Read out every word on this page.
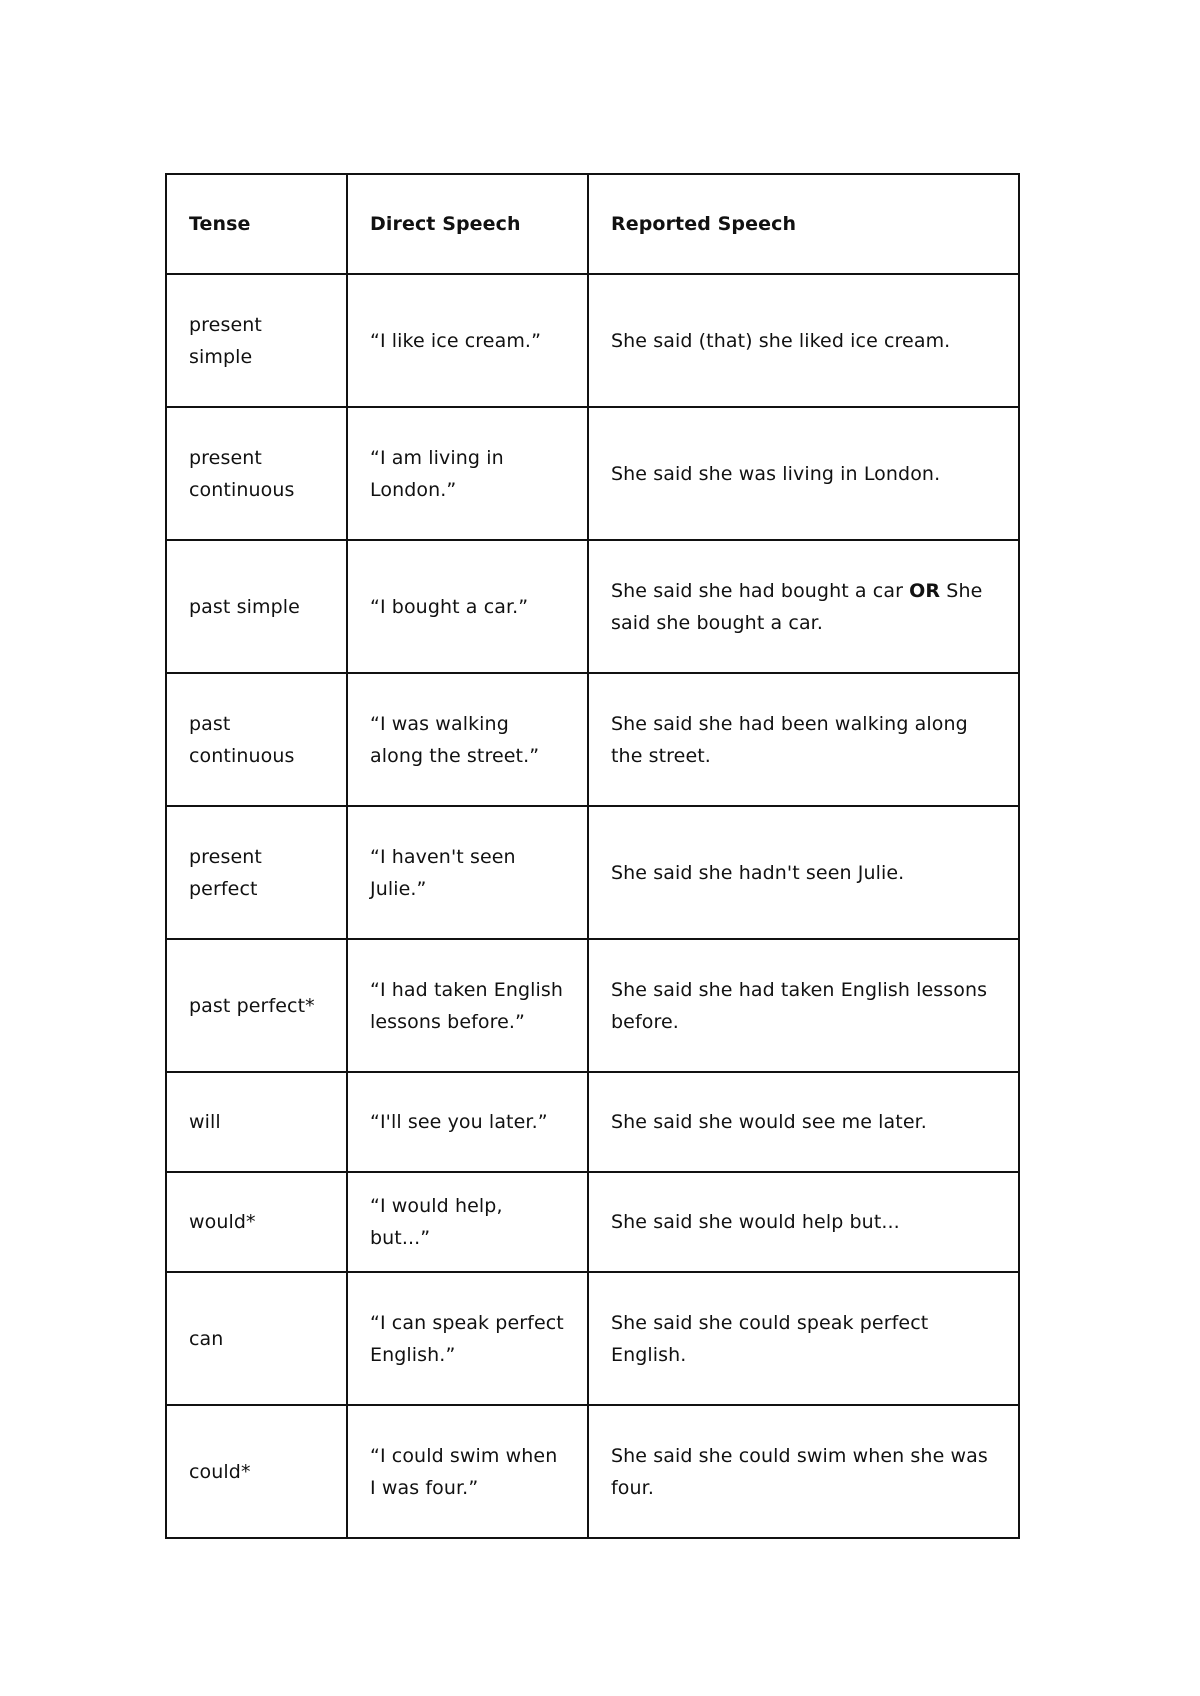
Tense	Direct Speech	Reported Speech
present simple	“I like ice cream.”	She said (that) she liked ice cream.
present continuous	“I am living in London.”	She said she was living in London.
past simple	“I bought a car.”	She said she had bought a car OR She said she bought a car.
past continuous	“I was walking along the street.”	She said she had been walking along the street.
present perfect	“I haven't seen Julie.”	She said she hadn't seen Julie.
past perfect*	“I had taken English lessons before.”	She said she had taken English lessons before.
will	“I'll see you later.”	She said she would see me later.
would*	“I would help, but...”	She said she would help but...
can	“I can speak perfect English.”	She said she could speak perfect English.
could*	“I could swim when I was four.”	She said she could swim when she was four.
